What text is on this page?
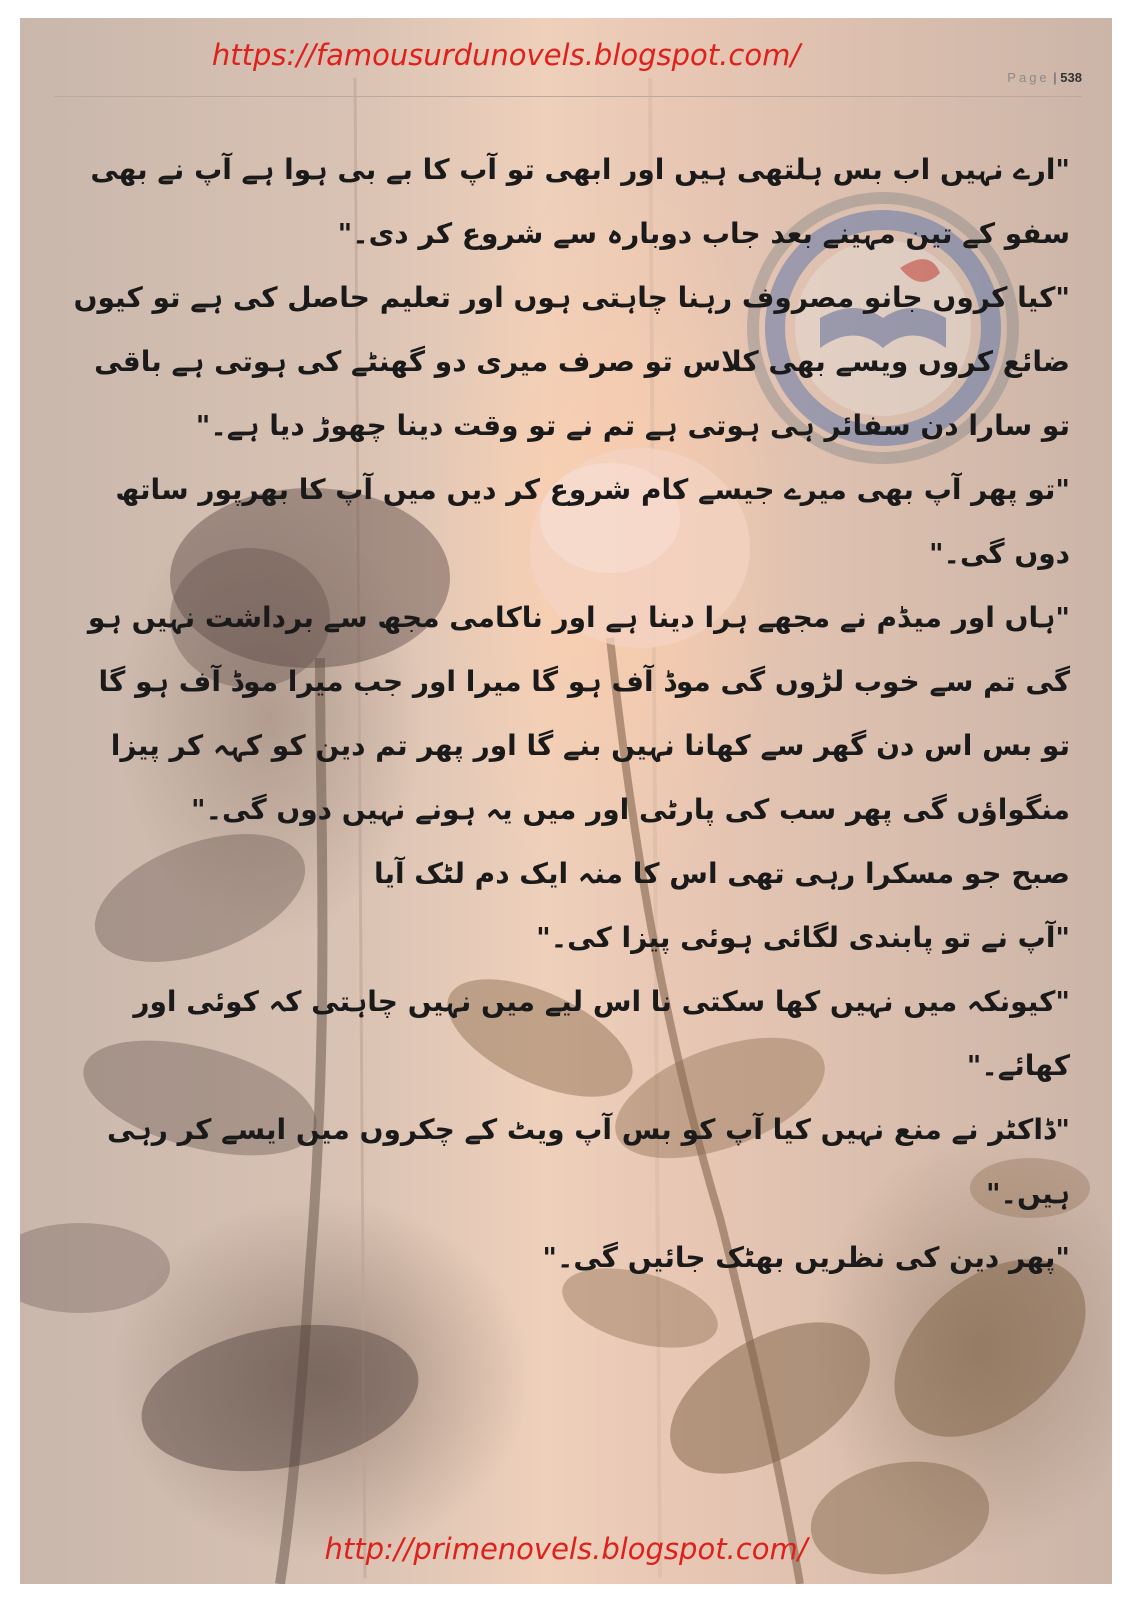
https://famousurdunovels.blogspot.com/
Page | 538

"ارے نہیں اب بس ہلتھی ہیں اور ابھی تو آپ کا بے بی ہوا ہے آپ نے بھی سفو کے تین مہینے بعد جاب دوبارہ سے شروع کر دی۔"

"کیا کروں جانو مصروف رہنا چاہتی ہوں اور تعلیم حاصل کی ہے تو کیوں ضائع کروں ویسے بھی کلاس تو صرف میری دو گھنٹے کی ہوتی ہے باقی تو سارا دن سفائر ہی ہوتی ہے تم نے تو وقت دینا چھوڑ دیا ہے۔"

"تو پھر آپ بھی میرے جیسے کام شروع کر دیں میں آپ کا بھرپور ساتھ دوں گی۔"

"ہاں اور میڈم نے مجھے ہرا دینا ہے اور ناکامی مجھ سے برداشت نہیں ہو گی تم سے خوب لڑوں گی موڈ آف ہو گا میرا اور جب میرا موڈ آف ہو گا تو بس اس دن گھر سے کھانا نہیں بنے گا اور پھر تم دین کو کہہ کر پیزا منگواؤں گی پھر سب کی پارٹی اور میں یہ ہونے نہیں دوں گی۔"

صبح جو مسکرا رہی تھی اس کا منہ ایک دم لٹک آیا

"آپ نے تو پابندی لگائی ہوئی پیزا کی۔"

"کیونکہ میں نہیں کھا سکتی نا اس لیے میں نہیں چاہتی کہ کوئی اور کھائے۔"

"ڈاکٹر نے منع نہیں کیا آپ کو بس آپ ویٹ کے چکروں میں ایسے کر رہی ہیں۔"

"پھر دین کی نظریں بھٹک جائیں گی۔"

http://primenovels.blogspot.com/
